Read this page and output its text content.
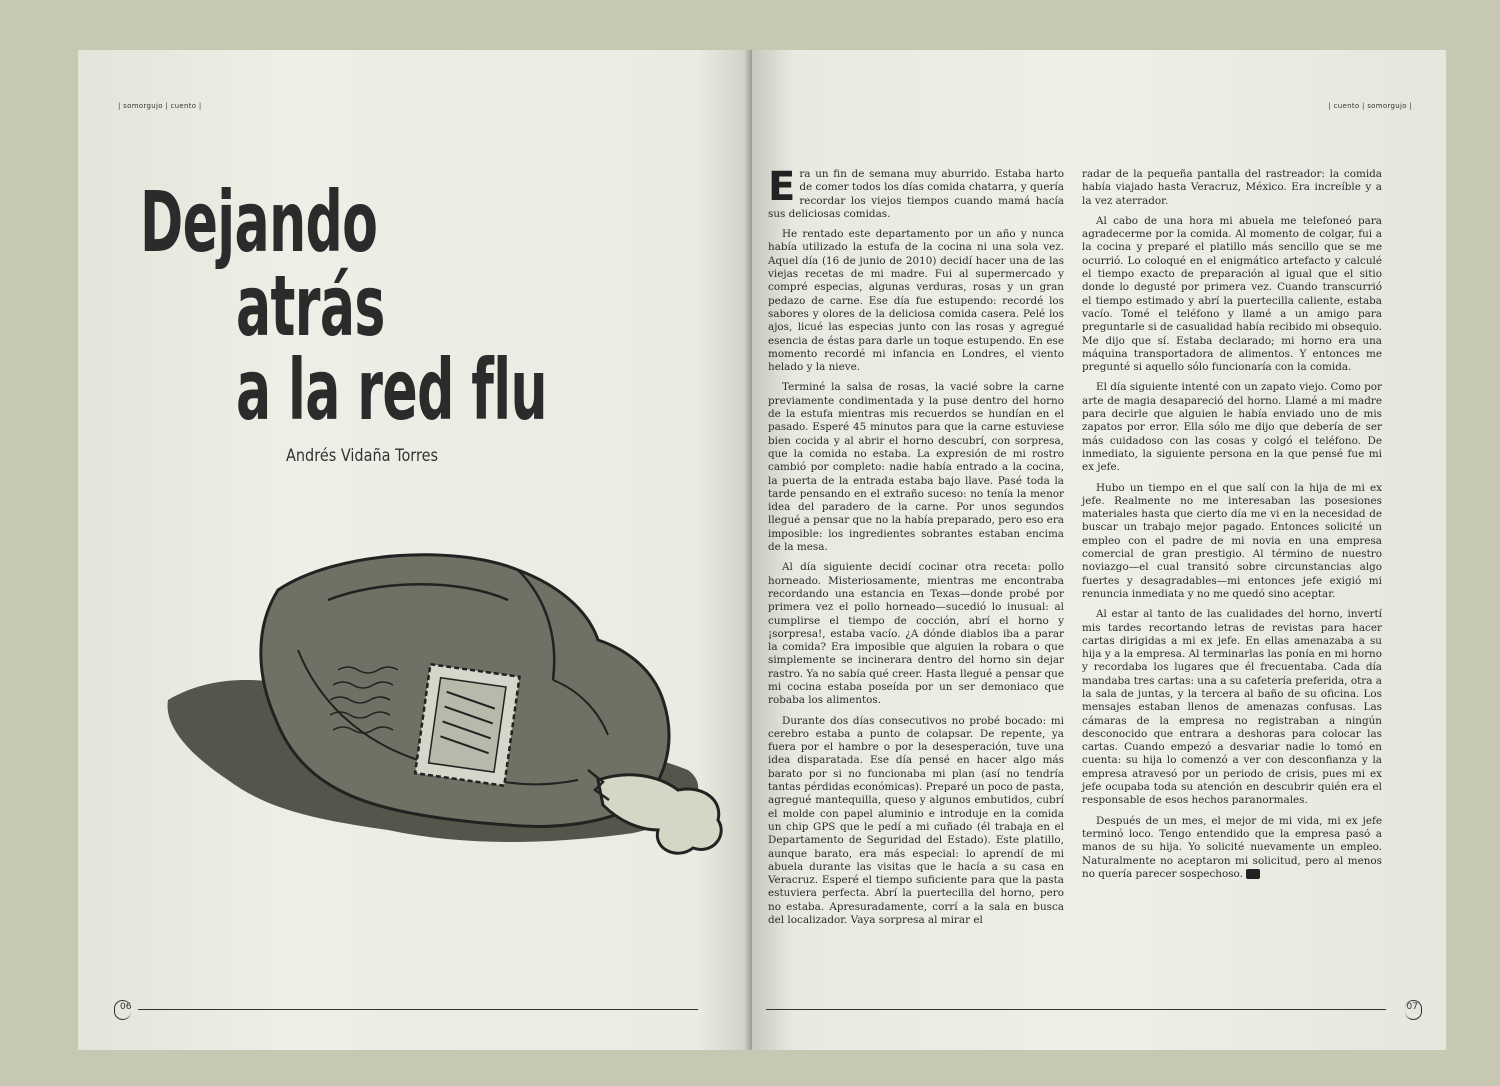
| somorgujo | cuento |
Dejando
atrás
a la red flu
Andrés Vidaña Torres
06
| cuento | somorgujo |

Era un fin de semana muy aburrido. Estaba harto de comer todos los días comida chatarra, y quería recordar los viejos tiempos cuando mamá hacía sus deliciosas comidas.

He rentado este departamento por un año y nunca había utilizado la estufa de la cocina ni una sola vez. Aquel día (16 de junio de 2010) decidí hacer una de las viejas recetas de mi madre. Fui al supermercado y compré especias, algunas verduras, rosas y un gran pedazo de carne. Ese día fue estupendo: recordé los sabores y olores de la deliciosa comida casera. Pelé los ajos, licué las especias junto con las rosas y agregué esencia de éstas para darle un toque estupendo. En ese momento recordé mi infancia en Londres, el viento helado y la nieve.

Terminé la salsa de rosas, la vacié sobre la carne previamente condimentada y la puse dentro del horno de la estufa mientras mis recuerdos se hundían en el pasado. Esperé 45 minutos para que la carne estuviese bien cocida y al abrir el horno descubrí, con sorpresa, que la comida no estaba. La expresión de mi rostro cambió por completo: nadie había entrado a la cocina, la puerta de la entrada estaba bajo llave. Pasé toda la tarde pensando en el extraño suceso: no tenía la menor idea del paradero de la carne. Por unos segundos llegué a pensar que no la había preparado, pero eso era imposible: los ingredientes sobrantes estaban encima de la mesa.

Al día siguiente decidí cocinar otra receta: pollo horneado. Misteriosamente, mientras me encontraba recordando una estancia en Texas—donde probé por primera vez el pollo horneado—sucedió lo inusual: al cumplirse el tiempo de cocción, abrí el horno y ¡sorpresa!, estaba vacío. ¿A dónde diablos iba a parar la comida? Era imposible que alguien la robara o que simplemente se incinerara dentro del horno sin dejar rastro. Ya no sabía qué creer. Hasta llegué a pensar que mi cocina estaba poseída por un ser demoniaco que robaba los alimentos.

Durante dos días consecutivos no probé bocado: mi cerebro estaba a punto de colapsar. De repente, ya fuera por el hambre o por la desesperación, tuve una idea disparatada. Ese día pensé en hacer algo más barato por si no funcionaba mi plan (así no tendría tantas pérdidas económicas). Preparé un poco de pasta, agregué mantequilla, queso y algunos embutidos, cubrí el molde con papel aluminio e introduje en la comida un chip GPS que le pedí a mi cuñado (él trabaja en el Departamento de Seguridad del Estado). Este platillo, aunque barato, era más especial: lo aprendí de mi abuela durante las visitas que le hacía a su casa en Veracruz. Esperé el tiempo suficiente para que la pasta estuviera perfecta. Abrí la puertecilla del horno, pero no estaba. Apresuradamente, corrí a la sala en busca del localizador. Vaya sorpresa al mirar el

radar de la pequeña pantalla del rastreador: la comida había viajado hasta Veracruz, México. Era increíble y a la vez aterrador.

Al cabo de una hora mi abuela me telefoneó para agradecerme por la comida. Al momento de colgar, fui a la cocina y preparé el platillo más sencillo que se me ocurrió. Lo coloqué en el enigmático artefacto y calculé el tiempo exacto de preparación al igual que el sitio donde lo degusté por primera vez. Cuando transcurrió el tiempo estimado y abrí la puertecilla caliente, estaba vacío. Tomé el teléfono y llamé a un amigo para preguntarle si de casualidad había recibido mi obsequio. Me dijo que sí. Estaba declarado; mi horno era una máquina transportadora de alimentos. Y entonces me pregunté si aquello sólo funcionaría con la comida.

El día siguiente intenté con un zapato viejo. Como por arte de magia desapareció del horno. Llamé a mi madre para decirle que alguien le había enviado uno de mis zapatos por error. Ella sólo me dijo que debería de ser más cuidadoso con las cosas y colgó el teléfono. De inmediato, la siguiente persona en la que pensé fue mi ex jefe.

Hubo un tiempo en el que salí con la hija de mi ex jefe. Realmente no me interesaban las posesiones materiales hasta que cierto día me vi en la necesidad de buscar un trabajo mejor pagado. Entonces solicité un empleo con el padre de mi novia en una empresa comercial de gran prestigio. Al término de nuestro noviazgo—el cual transitó sobre circunstancias algo fuertes y desagradables—mi entonces jefe exigió mi renuncia inmediata y no me quedó sino aceptar.

Al estar al tanto de las cualidades del horno, invertí mis tardes recortando letras de revistas para hacer cartas dirigidas a mi ex jefe. En ellas amenazaba a su hija y a la empresa. Al terminarlas las ponía en mi horno y recordaba los lugares que él frecuentaba. Cada día mandaba tres cartas: una a su cafetería preferida, otra a la sala de juntas, y la tercera al baño de su oficina. Los mensajes estaban llenos de amenazas confusas. Las cámaras de la empresa no registraban a ningún desconocido que entrara a deshoras para colocar las cartas. Cuando empezó a desvariar nadie lo tomó en cuenta: su hija lo comenzó a ver con desconfianza y la empresa atravesó por un periodo de crisis, pues mi ex jefe ocupaba toda su atención en descubrir quién era el responsable de esos hechos paranormales.

Después de un mes, el mejor de mi vida, mi ex jefe terminó loco. Tengo entendido que la empresa pasó a manos de su hija. Yo solicité nuevamente un empleo. Naturalmente no aceptaron mi solicitud, pero al menos no quería parecer sospechoso.

07
